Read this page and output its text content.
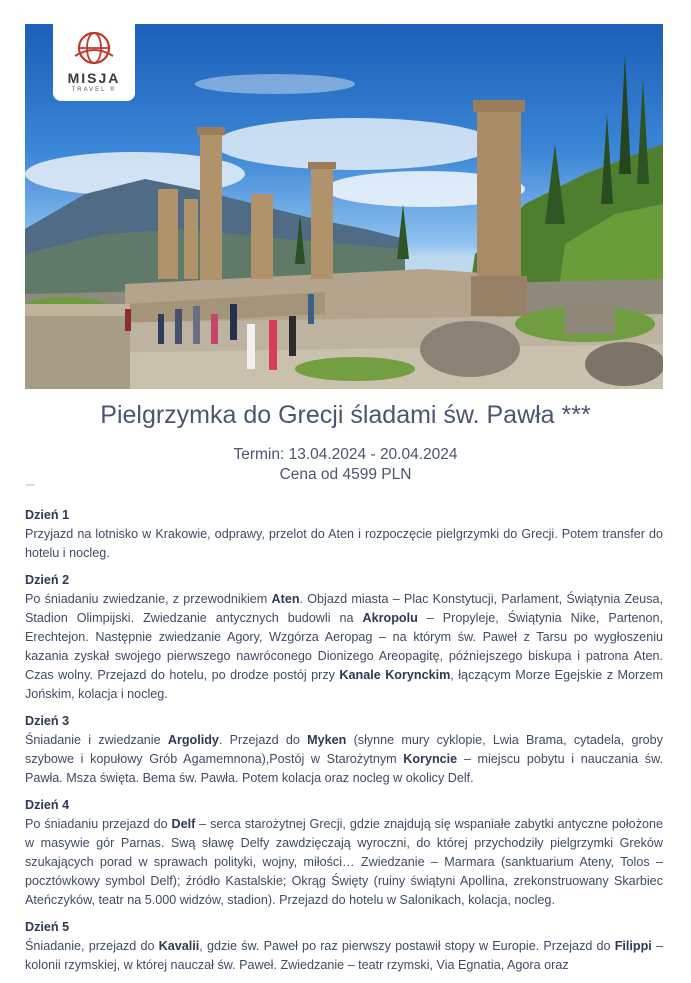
MISJA
TRAVEL ®
Pielgrzymka do Grecji śladami św. Pawła ***
Termin: 13.04.2024 - 20.04.2024
Cena od 4599 PLN
Dzień 1
Przyjazd na lotnisko w Krakowie, odprawy, przelot do Aten i rozpoczęcie pielgrzymki do Grecji. Potem transfer do hotelu i nocleg.
Dzień 2
Po śniadaniu zwiedzanie, z przewodnikiem Aten. Objazd miasta – Plac Konstytucji, Parlament, Świątynia Zeusa, Stadion Olimpijski. Zwiedzanie antycznych budowli na Akropolu – Propyleje, Świątynia Nike, Partenon, Erechtejon. Następnie zwiedzanie Agory, Wzgórza Aeropag – na którym św. Paweł z Tarsu po wygłoszeniu kazania zyskał swojego pierwszego nawróconego Dionizego Areopagitę, późniejszego biskupa i patrona Aten. Czas wolny. Przejazd do hotelu, po drodze postój przy Kanale Korynckim, łączącym Morze Egejskie z Morzem Jońskim, kolacja i nocleg.
Dzień 3
Śniadanie i zwiedzanie Argolidy. Przejazd do Myken (słynne mury cyklopie, Lwia Brama, cytadela, groby szybowe i kopułowy Grób Agamemnona),Postój w Starożytnym Koryncie – miejscu pobytu i nauczania św. Pawła. Msza święta. Bema św. Pawła. Potem kolacja oraz nocleg w okolicy Delf.
Dzień 4
Po śniadaniu przejazd do Delf – serca starożytnej Grecji, gdzie znajdują się wspaniałe zabytki antyczne położone w masywie gór Parnas. Swą sławę Delfy zawdzięczają wyroczni, do której przychodziły pielgrzymki Greków szukających porad w sprawach polityki, wojny, miłości… Zwiedzanie – Marmara (sanktuarium Ateny, Tolos – pocztówkowy symbol Delf); źródło Kastalskie; Okrąg Święty (ruiny świątyni Apollina, zrekonstruowany Skarbiec Ateńczyków, teatr na 5.000 widzów, stadion). Przejazd do hotelu w Salonikach, kolacja, nocleg.
Dzień 5
Śniadanie, przejazd do Kavalii, gdzie św. Paweł po raz pierwszy postawił stopy w Europie. Przejazd do Filippi – kolonii rzymskiej, w której nauczał św. Paweł. Zwiedzanie – teatr rzymski, Via Egnatia, Agora oraz
